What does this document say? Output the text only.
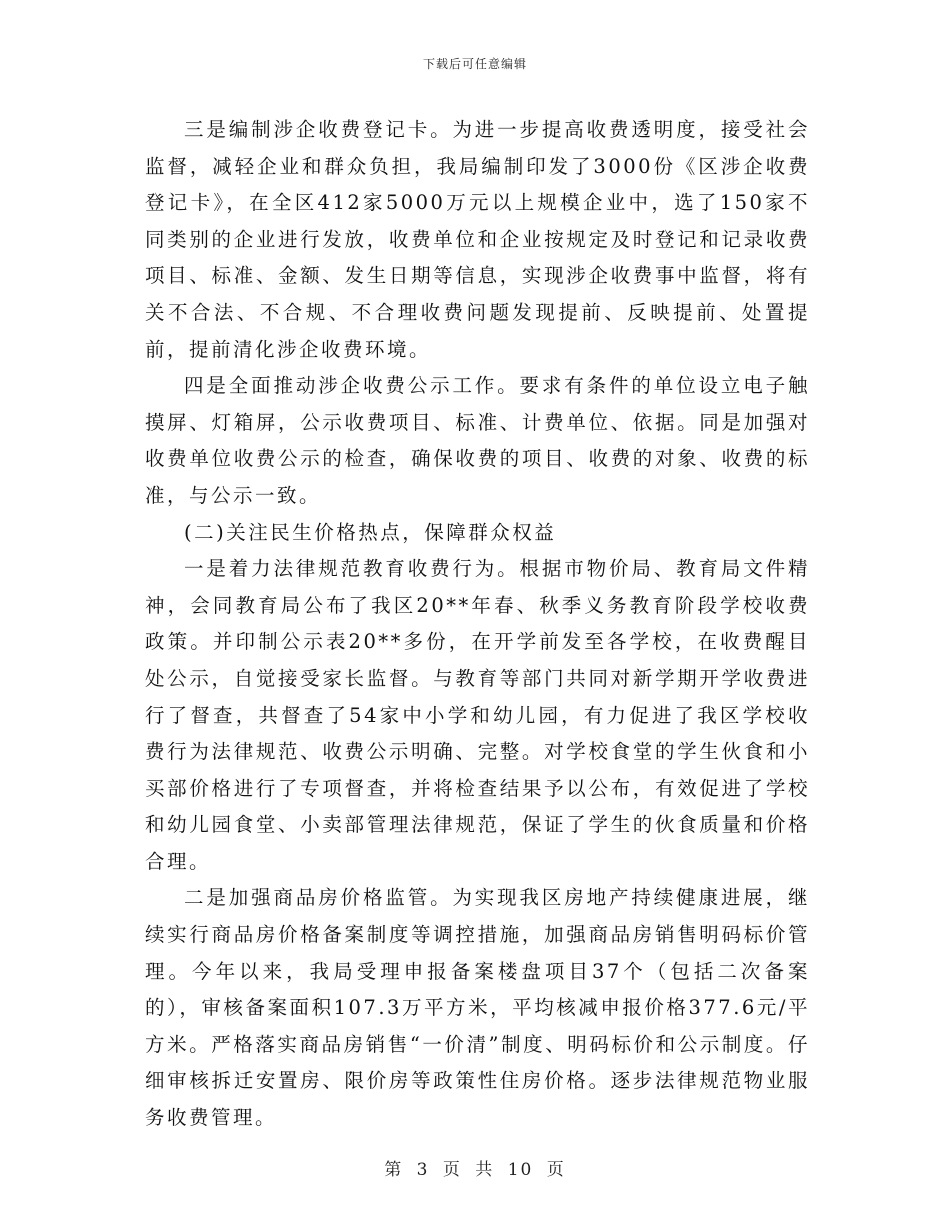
下载后可任意编辑

三是编制涉企收费登记卡。为进一步提高收费透明度，接受社会监督，减轻企业和群众负担，我局编制印发了3000份《区涉企收费登记卡》，在全区412家5000万元以上规模企业中，选了150家不同类别的企业进行发放，收费单位和企业按规定及时登记和记录收费项目、标准、金额、发生日期等信息，实现涉企收费事中监督，将有关不合法、不合规、不合理收费问题发现提前、反映提前、处置提前，提前清化涉企收费环境。

四是全面推动涉企收费公示工作。要求有条件的单位设立电子触摸屏、灯箱屏，公示收费项目、标准、计费单位、依据。同是加强对收费单位收费公示的检查，确保收费的项目、收费的对象、收费的标准，与公示一致。

(二)关注民生价格热点，保障群众权益

一是着力法律规范教育收费行为。根据市物价局、教育局文件精神，会同教育局公布了我区20**年春、秋季义务教育阶段学校收费政策。并印制公示表20**多份，在开学前发至各学校，在收费醒目处公示，自觉接受家长监督。与教育等部门共同对新学期开学收费进行了督查，共督查了54家中小学和幼儿园，有力促进了我区学校收费行为法律规范、收费公示明确、完整。对学校食堂的学生伙食和小买部价格进行了专项督查，并将检查结果予以公布，有效促进了学校和幼儿园食堂、小卖部管理法律规范，保证了学生的伙食质量和价格合理。

二是加强商品房价格监管。为实现我区房地产持续健康进展，继续实行商品房价格备案制度等调控措施，加强商品房销售明码标价管理。今年以来，我局受理申报备案楼盘项目37个（包括二次备案的），审核备案面积107.3万平方米，平均核减申报价格377.6元/平方米。严格落实商品房销售“一价清”制度、明码标价和公示制度。仔细审核拆迁安置房、限价房等政策性住房价格。逐步法律规范物业服务收费管理。

第 3 页 共 10 页
